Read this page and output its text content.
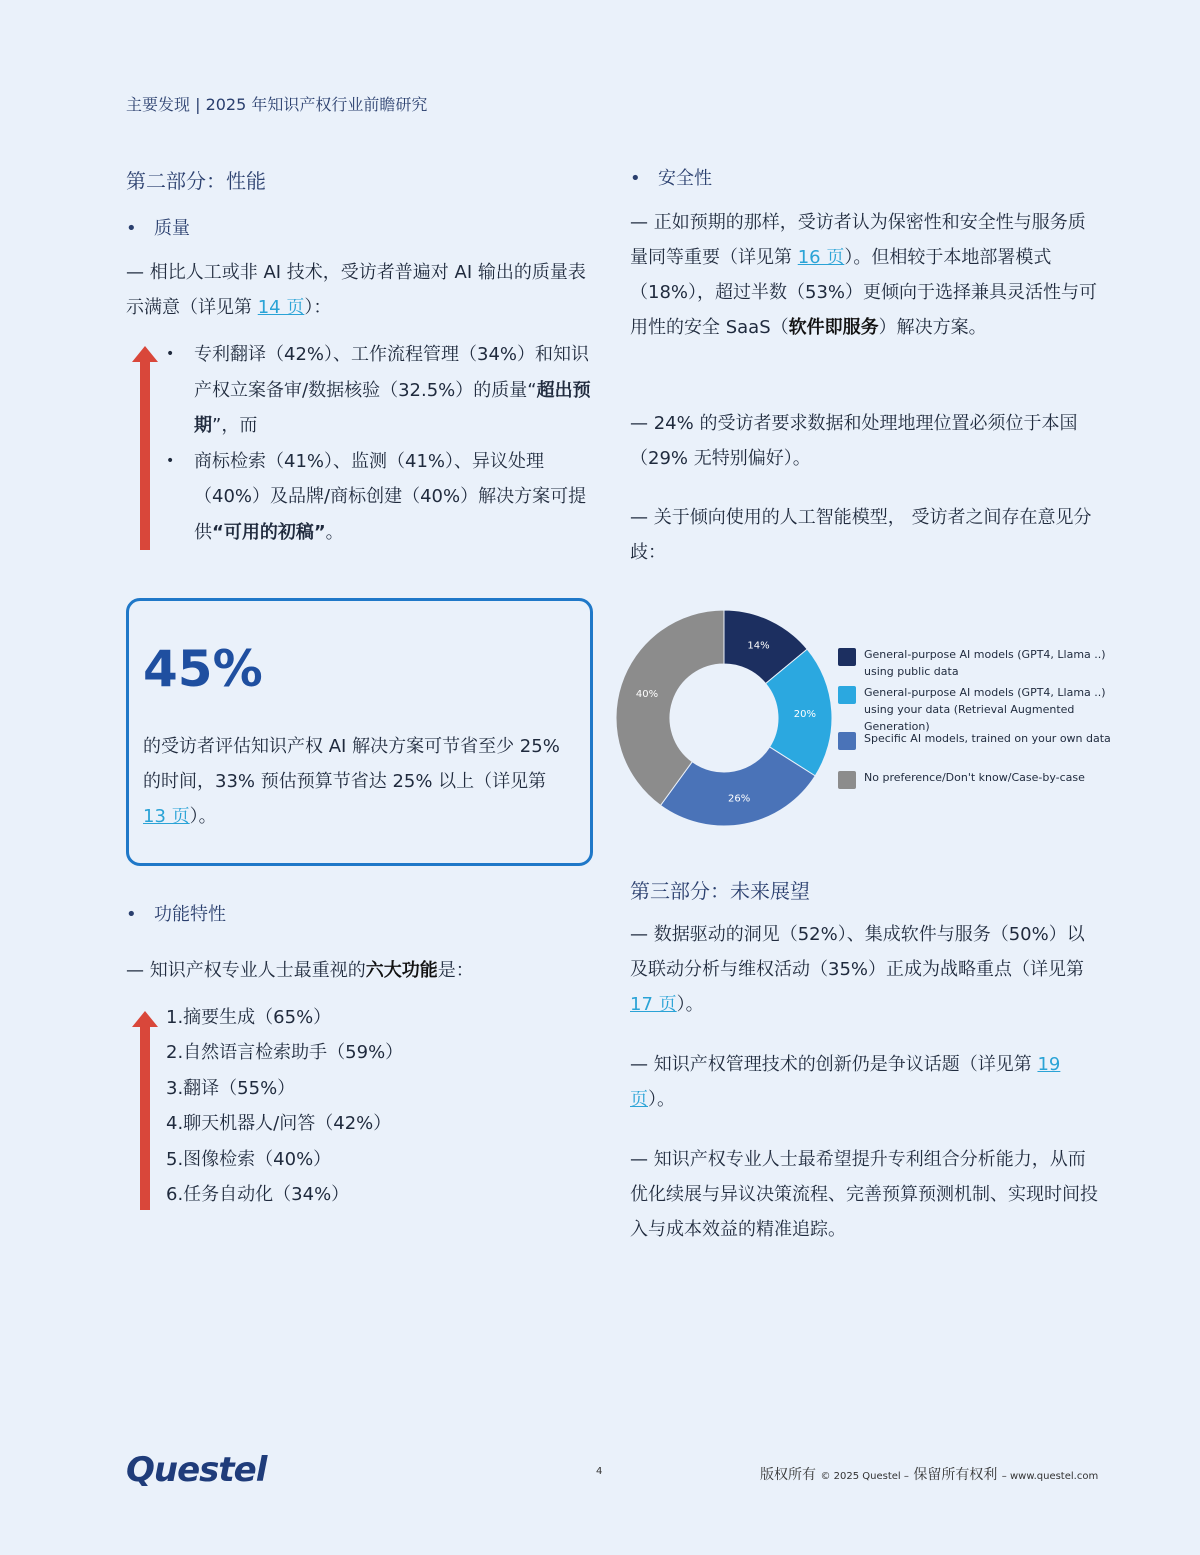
主要发现 | 2025 年知识产权行业前瞻研究
第二部分：性能
• 质量
— 相比人工或非 AI 技术，受访者普遍对 AI 输出的质量表示满意（详见第 14 页）：
• 专利翻译（42%）、工作流程管理（34%）和知识产权立案备审/数据核验（32.5%）的质量“超出预期”，而
• 商标检索（41%）、监测（41%）、异议处理（40%）及品牌/商标创建（40%）解决方案可提供“可用的初稿”。
45%
的受访者评估知识产权 AI 解决方案可节省至少 25% 的时间，33% 预估预算节省达 25% 以上（详见第 13 页）。
• 功能特性
— 知识产权专业人士最重视的六大功能是：
1.摘要生成（65%）
2.自然语言检索助手（59%）
3.翻译（55%）
4.聊天机器人/问答（42%）
5.图像检索（40%）
6.任务自动化（34%）
• 安全性
— 正如预期的那样，受访者认为保密性和安全性与服务质量同等重要（详见第 16 页）。但相较于本地部署模式（18%），超过半数（53%）更倾向于选择兼具灵活性与可用性的安全 SaaS（软件即服务）解决方案。
— 24% 的受访者要求数据和处理地理位置必须位于本国（29% 无特别偏好）。
— 关于倾向使用的人工智能模型， 受访者之间存在意见分歧：
14%
20%
26%
40%
General-purpose AI models (GPT4, Llama ..) using public data
General-purpose AI models (GPT4, Llama ..) using your data (Retrieval Augmented Generation)
Specific AI models, trained on your own data
No preference/Don't know/Case-by-case
第三部分：未来展望
— 数据驱动的洞见（52%）、集成软件与服务（50%）以及联动分析与维权活动（35%）正成为战略重点（详见第 17 页）。
— 知识产权管理技术的创新仍是争议话题（详见第 19 页）。
— 知识产权专业人士最希望提升专利组合分析能力，从而优化续展与异议决策流程、完善预算预测机制、实现时间投入与成本效益的精准追踪。
Questel	4	版权所有 © 2025 Questel – 保留所有权利 – www.questel.com
